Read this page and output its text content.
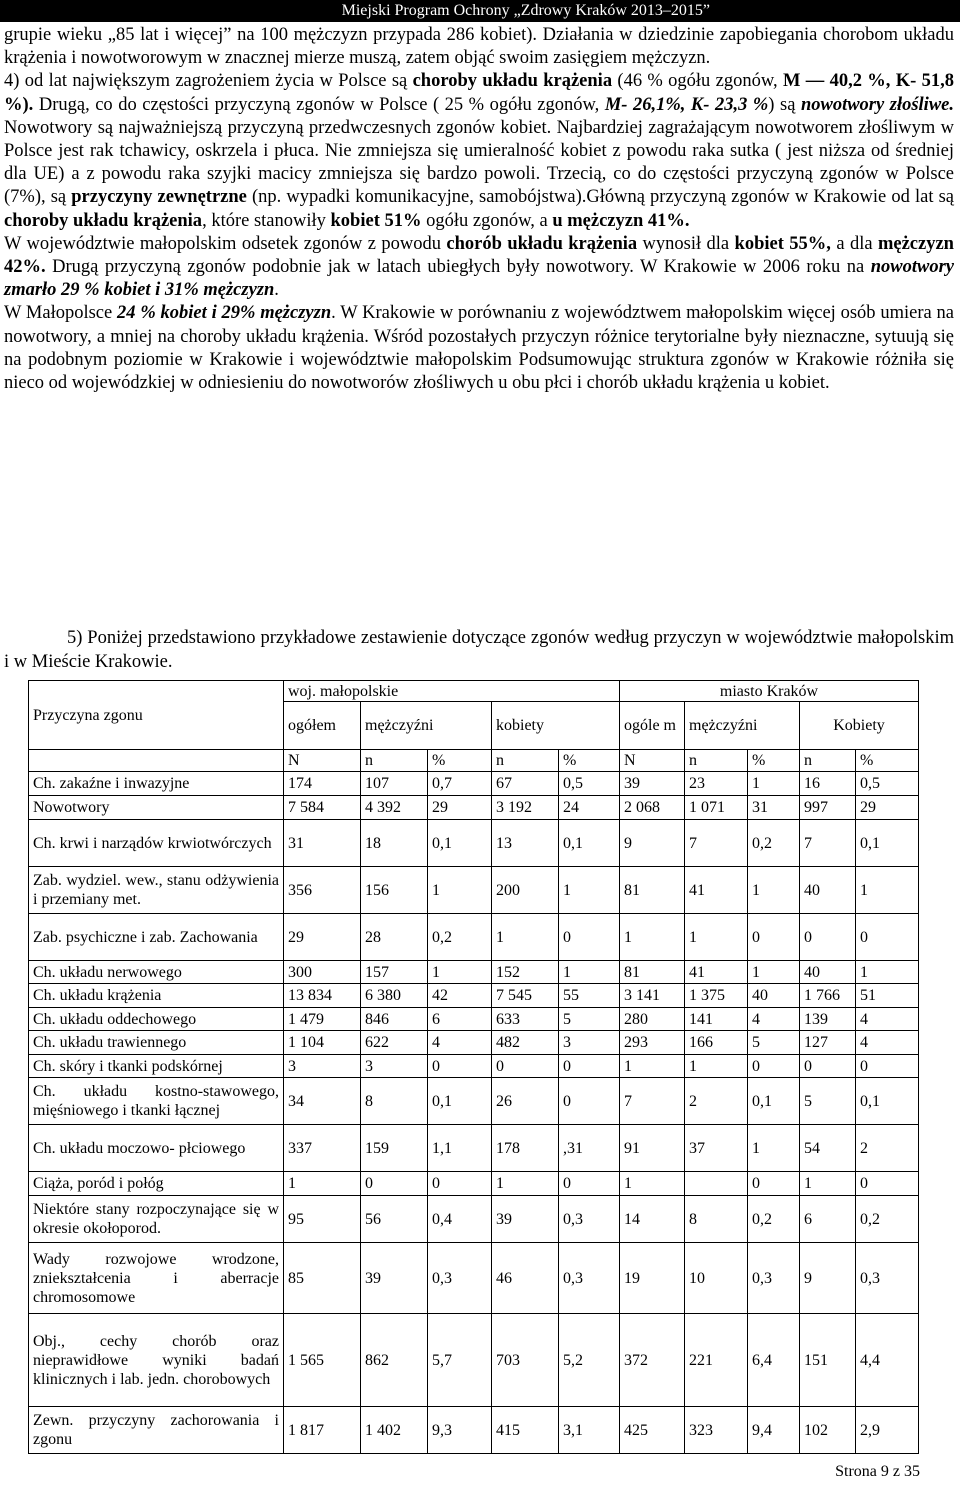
Miejski Program Ochrony „Zdrowy Kraków 2013–2015”
grupie wieku „85 lat i więcej” na 100 mężczyzn przypada 286 kobiet). Działania w dziedzinie zapobiegania chorobom układu krążenia i nowotworowym w znacznej mierze muszą, zatem objąć swoim zasięgiem mężczyzn.
4) od lat największym zagrożeniem życia w Polsce są choroby układu krążenia (46 % ogółu zgonów, M — 40,2 %, K- 51,8 %). Drugą, co do częstości przyczyną zgonów w Polsce ( 25 % ogółu zgonów, M- 26,1%, K- 23,3 %) są nowotwory złośliwe. Nowotwory są najważniejszą przyczyną przedwczesnych zgonów kobiet. Najbardziej zagrażającym nowotworem złośliwym w Polsce jest rak tchawicy, oskrzela i płuca. Nie zmniejsza się umieralność kobiet z powodu raka sutka ( jest niższa od średniej dla UE) a z powodu raka szyjki macicy zmniejsza się bardzo powoli. Trzecią, co do częstości przyczyną zgonów w Polsce (7%), są przyczyny zewnętrzne (np. wypadki komunikacyjne, samobójstwa).Główną przyczyną zgonów w Krakowie od lat są choroby układu krążenia, które stanowiły kobiet 51% ogółu zgonów, a u mężczyzn 41%.
W województwie małopolskim odsetek zgonów z powodu chorób układu krążenia wynosił dla kobiet 55%, a dla mężczyzn 42%. Drugą przyczyną zgonów podobnie jak w latach ubiegłych były nowotwory. W Krakowie w 2006 roku na nowotwory zmarło 29 % kobiet i 31% mężczyzn.
W Małopolsce 24 % kobiet i 29% mężczyzn. W Krakowie w porównaniu z województwem małopolskim więcej osób umiera na nowotwory, a mniej na choroby układu krążenia. Wśród pozostałych przyczyn różnice terytorialne były nieznaczne, sytuują się na podobnym poziomie w Krakowie i województwie małopolskim Podsumowując struktura zgonów w Krakowie różniła się nieco od wojewódzkiej w odniesieniu do nowotworów złośliwych u obu płci i chorób układu krążenia u kobiet.
5) Poniżej przedstawiono przykładowe zestawienie dotyczące zgonów według przyczyn w województwie małopolskim i w Mieście Krakowie.
Przyczyna zgonu	woj. małopolskie					miasto Kraków				
	ogółem	mężczyźni		kobiety		ogóle m	mężczyźni		Kobiety	
	N	n	%	n	%	N	n	%	n	%
Ch. zakaźne i inwazyjne	174	107	0,7	67	0,5	39	23	1	16	0,5
Nowotwory	7 584	4 392	29	3 192	24	2 068	1 071	31	997	29
Ch. krwi i narządów krwiotwórczych	31	18	0,1	13	0,1	9	7	0,2	7	0,1
Zab. wydziel. wew., stanu odżywienia i przemiany met.	356	156	1	200	1	81	41	1	40	1
Zab. psychiczne i zab. Zachowania	29	28	0,2	1	0	1	1	0	0	0
Ch. układu nerwowego	300	157	1	152	1	81	41	1	40	1
Ch. układu krążenia	13 834	6 380	42	7 545	55	3 141	1 375	40	1 766	51
Ch. układu oddechowego	1 479	846	6	633	5	280	141	4	139	4
Ch. układu trawiennego	1 104	622	4	482	3	293	166	5	127	4
Ch. skóry i tkanki podskórnej	3	3	0	0	0	1	1	0	0	0
Ch. układu kostno-stawowego, mięśniowego i tkanki łącznej	34	8	0,1	26	0	7	2	0,1	5	0,1
Ch. układu moczowo- płciowego	337	159	1,1	178	,31	91	37	1	54	2
Ciąża, poród i połóg	1	0	0	1	0	1		0	1	0
Niektóre stany rozpoczynające się w okresie okołoporod.	95	56	0,4	39	0,3	14	8	0,2	6	0,2
Wady rozwojowe wrodzone, zniekształcenia i aberracje chromosomowe	85	39	0,3	46	0,3	19	10	0,3	9	0,3
Obj., cechy chorób oraz nieprawidłowe wyniki badań klinicznych i lab. jedn. chorobowych	1 565	862	5,7	703	5,2	372	221	6,4	151	4,4
Zewn. przyczyny zachorowania i zgonu	1 817	1 402	9,3	415	3,1	425	323	9,4	102	2,9
Strona 9 z 35
